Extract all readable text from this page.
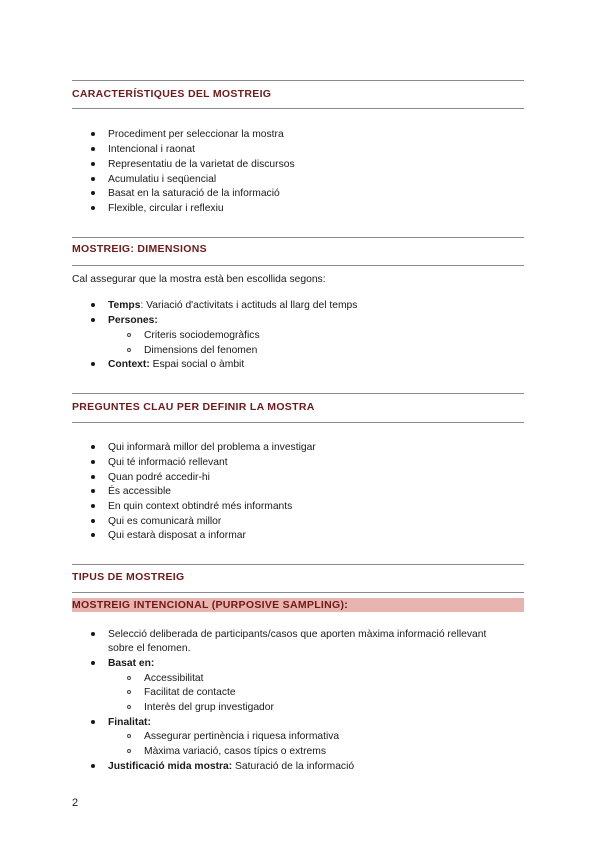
CARACTERÍSTIQUES DEL MOSTREIG
Procediment per seleccionar la mostra
Intencional i raonat
Representatiu de la varietat de discursos
Acumulatiu i seqüencial
Basat en la saturació de la informació
Flexible, circular i reflexiu
MOSTREIG: DIMENSIONS
Cal assegurar que la mostra està ben escollida segons:
Temps: Variació d'activitats i actituds al llarg del temps
Persones:
Criteris sociodemogràfics
Dimensions del fenomen
Context: Espai social o àmbit
PREGUNTES CLAU PER DEFINIR LA MOSTRA
Qui informarà millor del problema a investigar
Qui té informació rellevant
Quan podré accedir-hi
És accessible
En quin context obtindré més informants
Qui es comunicarà millor
Qui estarà disposat a informar
TIPUS DE MOSTREIG
MOSTREIG INTENCIONAL (PURPOSIVE SAMPLING):
Selecció deliberada de participants/casos que aporten màxima informació rellevant
sobre el fenomen.
Basat en:
Accessibilitat
Facilitat de contacte
Interès del grup investigador
Finalitat:
Assegurar pertinència i riquesa informativa
Màxima variació, casos típics o extrems
Justificació mida mostra: Saturació de la informació
2
